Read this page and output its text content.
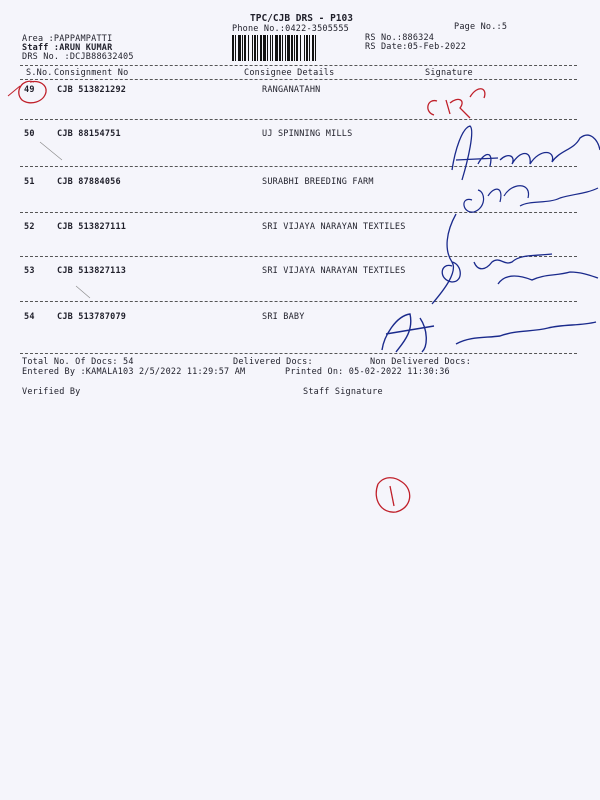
TPC/CJB DRS - P103
Phone No.:0422-3505555	Page No.:5
Area :PAPPAMPATTI
Staff :ARUN KUMAR
DRS No. :DCJB88632405
RS No.:886324
RS Date:05-Feb-2022
S.No. Consignment No	Consignee Details	Signature
49	CJB 513821292	RANGANATAHN
50	CJB 88154751	UJ SPINNING MILLS
51	CJB 87884056	SURABHI BREEDING FARM
52	CJB 513827111	SRI VIJAYA NARAYAN TEXTILES
53	CJB 513827113	SRI VIJAYA NARAYAN TEXTILES
54	CJB 513787079	SRI BABY
Total No. Of Docs: 54	Delivered Docs:	Non Delivered Docs:
Entered By :KAMALA103 2/5/2022 11:29:57 AM	Printed On: 05-02-2022 11:30:36
Verified By	Staff Signature
